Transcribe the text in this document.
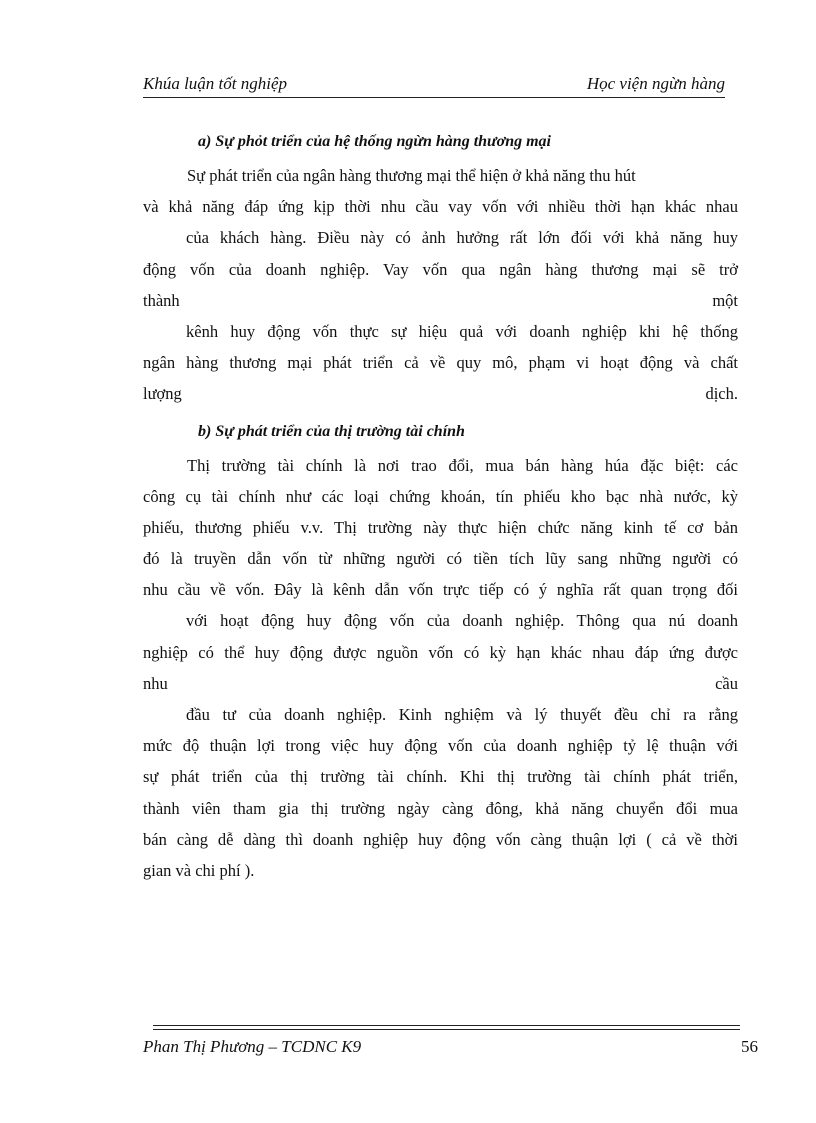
Khúa luận tốt nghiệp	Học viện ngừn hàng
a) Sự phỏt triển của hệ thống ngừn hàng thương mại
Sự phát triển của ngân hàng thương mại thể hiện ở khả năng thu hút
và khả năng đáp ứng kịp thời nhu cầu vay vốn với nhiều thời hạn khác nhau
của khách hàng. Điều này có ảnh hưởng rất lớn đối với khả năng huy
động vốn của doanh nghiệp. Vay vốn qua ngân hàng thương mại sẽ trở
thành một
kênh huy động vốn thực sự hiệu quả với doanh nghiệp khi hệ thống
ngân hàng thương mại phát triển cả về quy mô, phạm vi hoạt động và chất
lượng dịch.
b) Sự phát triển của thị trường tài chính
Thị trường tài chính là nơi trao đổi, mua bán hàng húa đặc biệt: các
công cụ tài chính như các loại chứng khoán, tín phiếu kho bạc nhà nước, kỳ
phiếu, thương phiếu v.v. Thị trường này thực hiện chức năng kinh tế cơ bản
đó là truyền dẫn vốn từ những người có tiền tích lũy sang những người có
nhu cầu về vốn. Đây là kênh dẫn vốn trực tiếp có ý nghĩa rất quan trọng đối
với hoạt động huy động vốn của doanh nghiệp. Thông qua nú doanh
nghiệp có thể huy động được nguồn vốn có kỳ hạn khác nhau đáp ứng được
nhu cầu
đầu tư của doanh nghiệp. Kinh nghiệm và lý thuyết đều chỉ ra rằng
mức độ thuận lợi trong việc huy động vốn của doanh nghiệp tỷ lệ thuận với
sự phát triển của thị trường tài chính. Khi thị trường tài chính phát triển,
thành viên tham gia thị trường ngày càng đông, khả năng chuyển đổi mua
bán càng dễ dàng thì doanh nghiệp huy động vốn càng thuận lợi ( cả về thời
gian và chi phí ).
Phan Thị Phương – TCDNC K9	56
